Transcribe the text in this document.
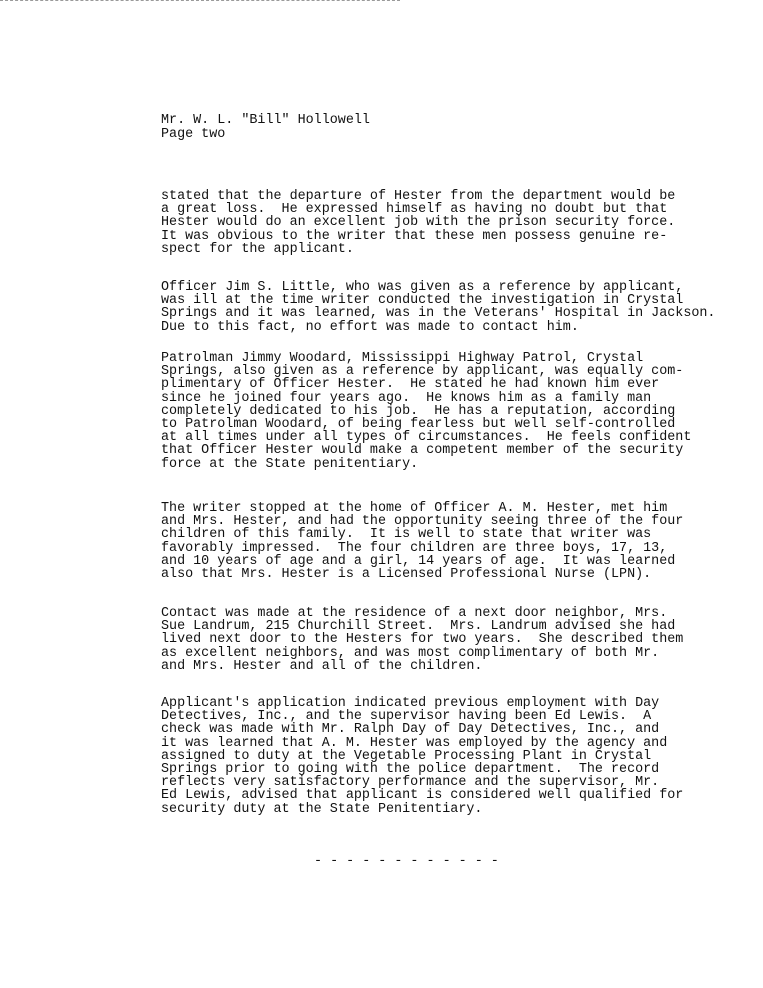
Mr. W. L. "Bill" Hollowell
Page two
stated that the departure of Hester from the department would be
a great loss.  He expressed himself as having no doubt but that
Hester would do an excellent job with the prison security force.
It was obvious to the writer that these men possess genuine re-
spect for the applicant.
Officer Jim S. Little, who was given as a reference by applicant,
was ill at the time writer conducted the investigation in Crystal
Springs and it was learned, was in the Veterans' Hospital in Jackson.
Due to this fact, no effort was made to contact him.
Patrolman Jimmy Woodard, Mississippi Highway Patrol, Crystal
Springs, also given as a reference by applicant, was equally com-
plimentary of Officer Hester.  He stated he had known him ever
since he joined four years ago.  He knows him as a family man
completely dedicated to his job.  He has a reputation, according
to Patrolman Woodard, of being fearless but well self-controlled
at all times under all types of circumstances.  He feels confident
that Officer Hester would make a competent member of the security
force at the State penitentiary.
The writer stopped at the home of Officer A. M. Hester, met him
and Mrs. Hester, and had the opportunity seeing three of the four
children of this family.  It is well to state that writer was
favorably impressed.  The four children are three boys, 17, 13,
and 10 years of age and a girl, 14 years of age.  It was learned
also that Mrs. Hester is a Licensed Professional Nurse (LPN).
Contact was made at the residence of a next door neighbor, Mrs.
Sue Landrum, 215 Churchill Street.  Mrs. Landrum advised she had
lived next door to the Hesters for two years.  She described them
as excellent neighbors, and was most complimentary of both Mr.
and Mrs. Hester and all of the children.
Applicant's application indicated previous employment with Day
Detectives, Inc., and the supervisor having been Ed Lewis.  A
check was made with Mr. Ralph Day of Day Detectives, Inc., and
it was learned that A. M. Hester was employed by the agency and
assigned to duty at the Vegetable Processing Plant in Crystal
Springs prior to going with the police department.  The record
reflects very satisfactory performance and the supervisor, Mr.
Ed Lewis, advised that applicant is considered well qualified for
security duty at the State Penitentiary.
- - - - - - - - - - - -
